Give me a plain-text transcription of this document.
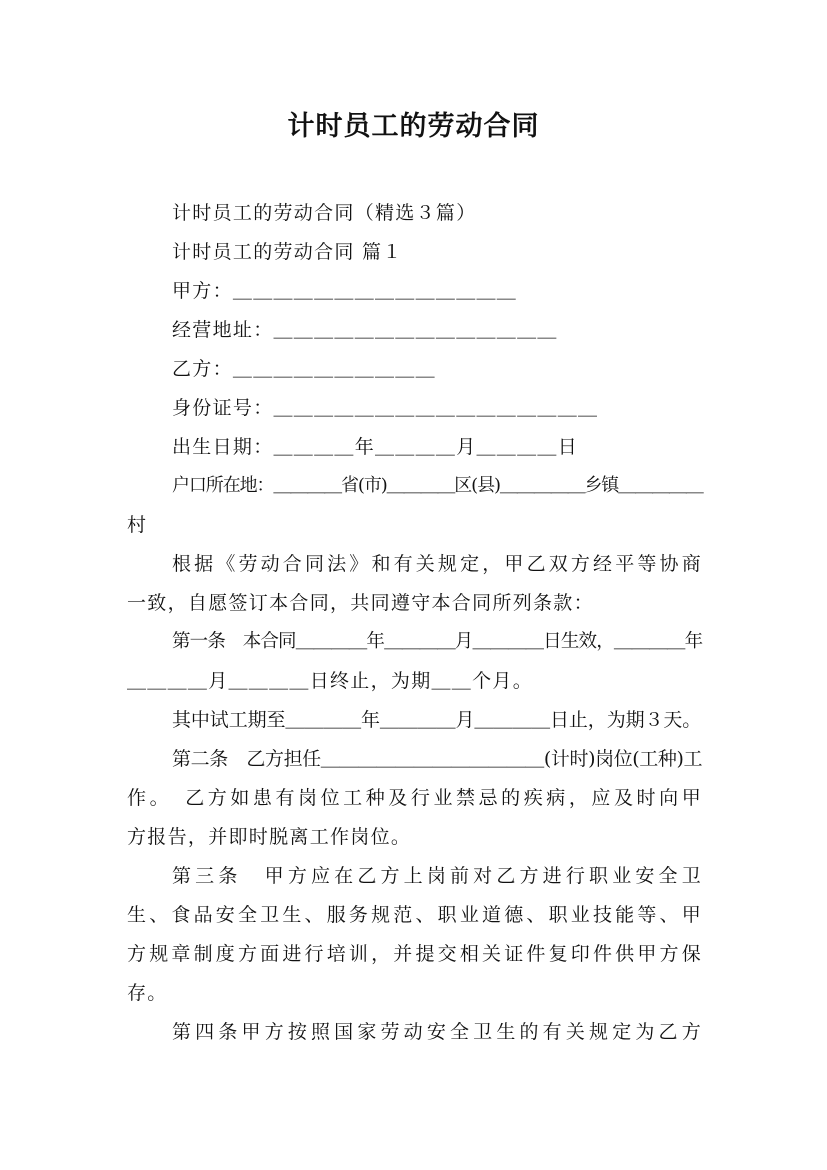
计时员工的劳动合同
计时员工的劳动合同（精选３篇）
计时员工的劳动合同 篇１
甲方：＿＿＿＿＿＿＿＿＿＿＿＿＿＿
经营地址：＿＿＿＿＿＿＿＿＿＿＿＿＿＿
乙方：＿＿＿＿＿＿＿＿＿＿
身份证号：＿＿＿＿＿＿＿＿＿＿＿＿＿＿＿＿
出生日期：＿＿＿＿年＿＿＿＿月＿＿＿＿日
户口所在地：＿＿＿＿省(市)＿＿＿＿区(县)＿＿＿＿＿乡镇＿＿＿＿＿
村
根据《劳动合同法》和有关规定，甲乙双方经平等协商
一致，自愿签订本合同，共同遵守本合同所列条款：
第一条　本合同＿＿＿＿年＿＿＿＿月＿＿＿＿日生效，＿＿＿＿年
＿＿＿＿月＿＿＿＿日终止，为期＿＿个月。
其中试工期至＿＿＿＿年＿＿＿＿月＿＿＿＿日止，为期３天。
第二条　乙方担任＿＿＿＿＿＿＿＿＿＿＿＿(计时)岗位(工种)工
作。　乙方如患有岗位工种及行业禁忌的疾病，应及时向甲
方报告，并即时脱离工作岗位。
第三条　甲方应在乙方上岗前对乙方进行职业安全卫
生、食品安全卫生、服务规范、职业道德、职业技能等、甲
方规章制度方面进行培训，并提交相关证件复印件供甲方保
存。
第四条甲方按照国家劳动安全卫生的有关规定为乙方
